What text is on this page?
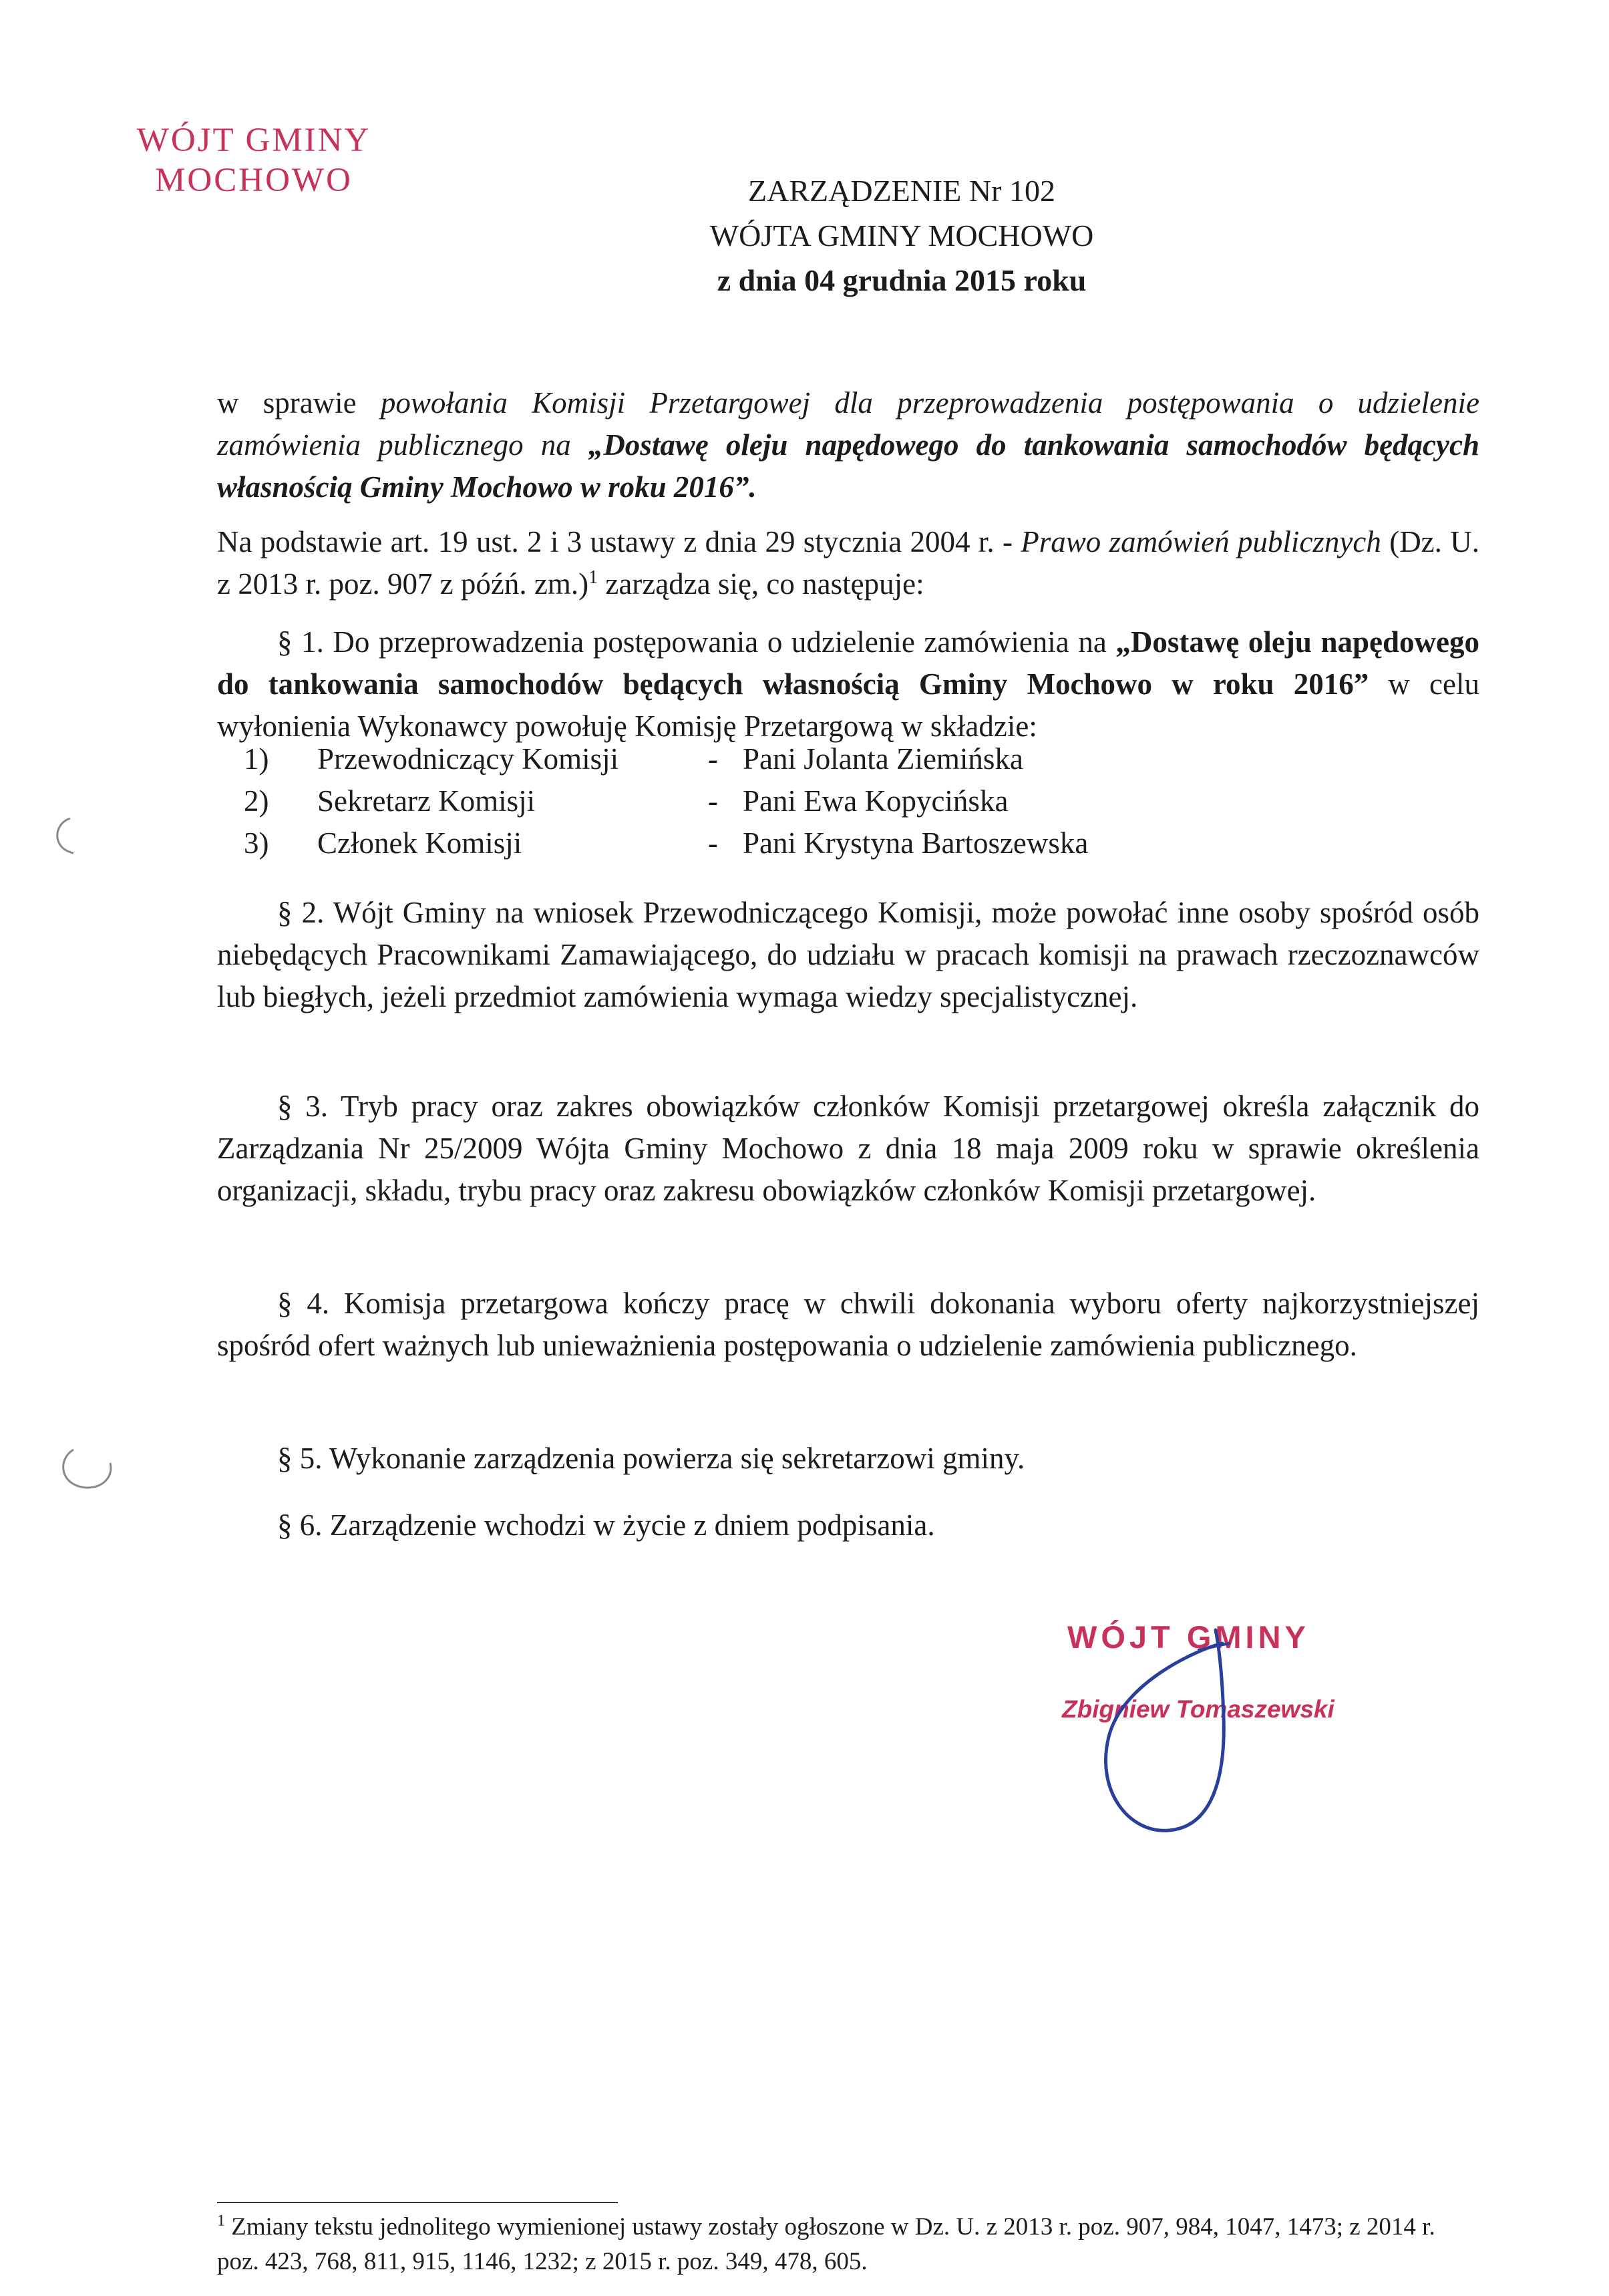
WÓJT GMINY
MOCHOWO	ZARZĄDZENIE Nr 102
WÓJTA GMINY MOCHOWO
z dnia 04 grudnia 2015 roku
w sprawie powołania Komisji Przetargowej dla przeprowadzenia postępowania o udzielenie zamówienia publicznego na „Dostawę oleju napędowego do tankowania samochodów będących własnością Gminy Mochowo w roku 2016”.
Na podstawie art. 19 ust. 2 i 3 ustawy z dnia 29 stycznia 2004 r. - Prawo zamówień publicznych (Dz. U. z 2013 r. poz. 907 z późń. zm.)$^1$ zarządza się, co następuje:
§ 1. Do przeprowadzenia postępowania o udzielenie zamówienia na „Dostawę oleju napędowego do tankowania samochodów będących własnością Gminy Mochowo w roku 2016” w celu wyłonienia Wykonawcy powołuję Komisję Przetargową w składzie:
1) Przewodniczący Komisji	- Pani Jolanta Ziemińska
2) Sekretarz Komisji	- Pani Ewa Kopycińska
3) Członek Komisji	- Pani Krystyna Bartoszewska
§ 2. Wójt Gminy na wniosek Przewodniczącego Komisji, może powołać inne osoby spośród osób niebędących Pracownikami Zamawiającego, do udziału w pracach komisji na prawach rzeczoznawców lub biegłych, jeżeli przedmiot zamówienia wymaga wiedzy specjalistycznej.
§ 3. Tryb pracy oraz zakres obowiązków członków Komisji przetargowej określa załącznik do Zarządzania Nr 25/2009 Wójta Gminy Mochowo z dnia 18 maja 2009 roku w sprawie określenia organizacji, składu, trybu pracy oraz zakresu obowiązków członków Komisji przetargowej.
§ 4. Komisja przetargowa kończy pracę w chwili dokonania wyboru oferty najkorzystniejszej spośród ofert ważnych lub unieważnienia postępowania o udzielenie zamówienia publicznego.
§ 5. Wykonanie zarządzenia powierza się sekretarzowi gminy.
§ 6. Zarządzenie wchodzi w życie z dniem podpisania.
WÓJT GMINY
Zbigniew Tomaszewski
$^1$ Zmiany tekstu jednolitego wymienionej ustawy zostały ogłoszone w Dz. U. z 2013 r. poz. 907, 984, 1047, 1473; z 2014 r. poz. 423, 768, 811, 915, 1146, 1232; z 2015 r. poz. 349, 478, 605.
